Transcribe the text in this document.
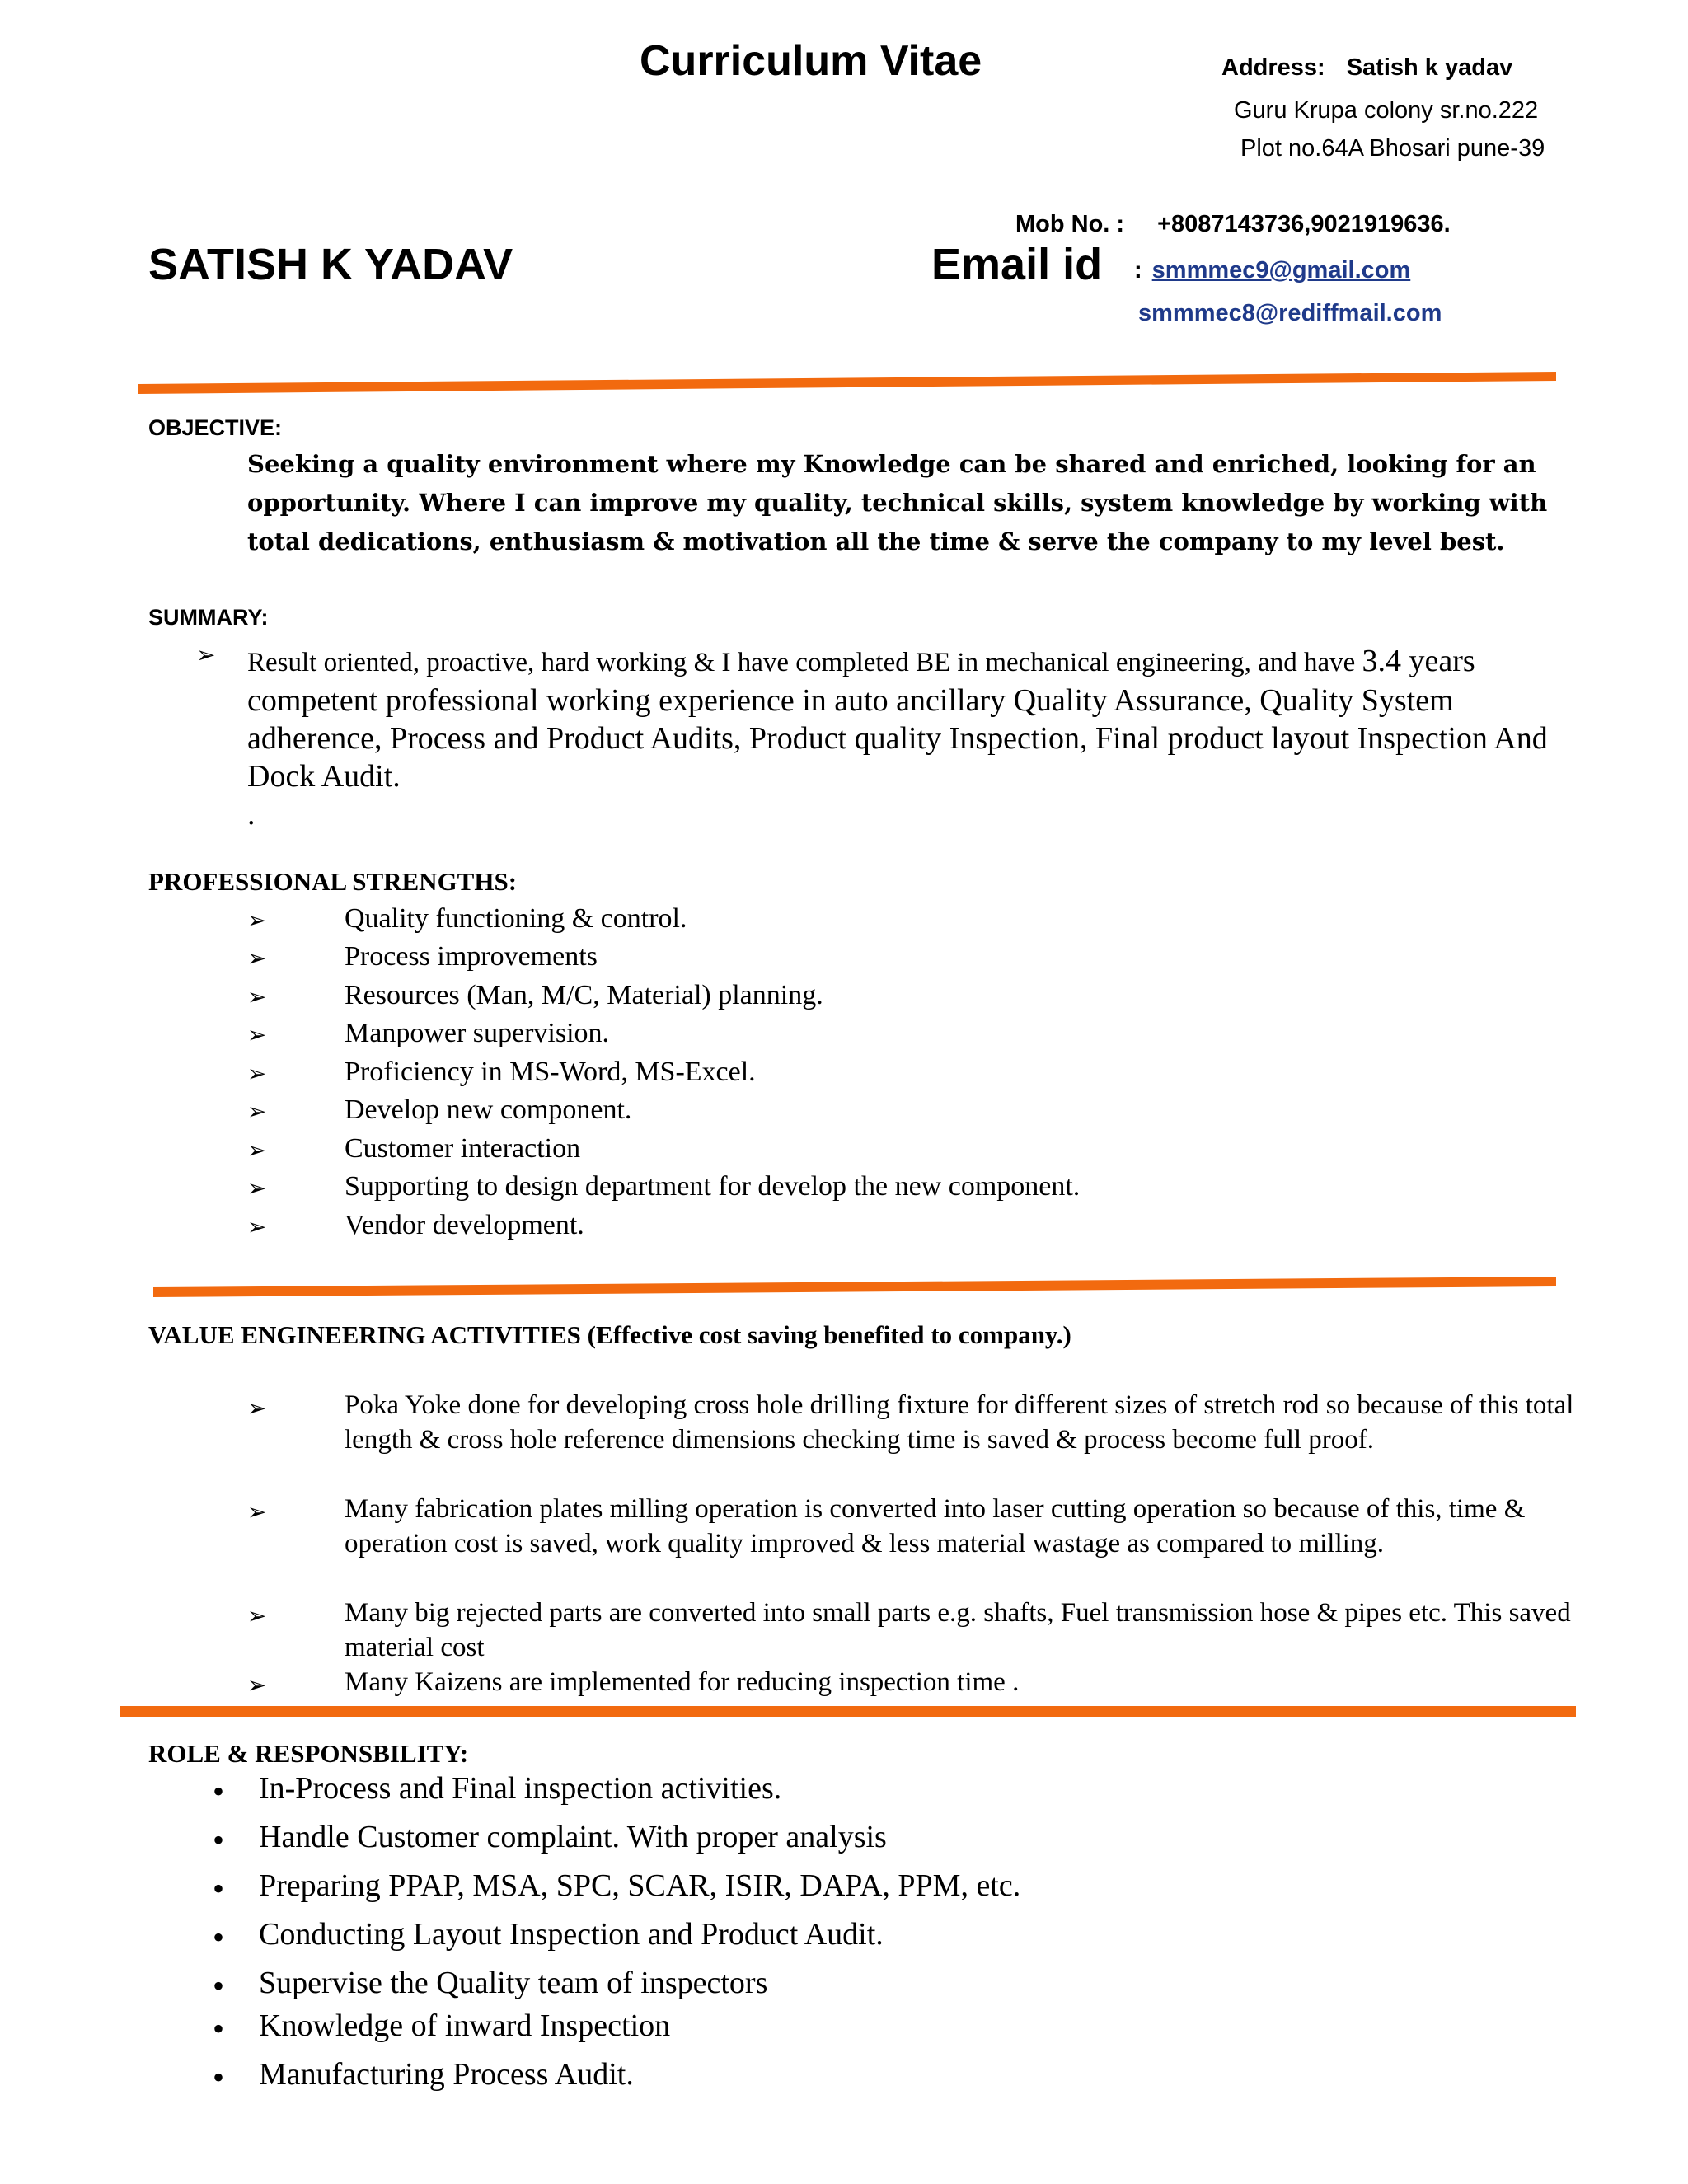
Curriculum Vitae	Address: Satish k yadav
Guru Krupa colony sr.no.222
Plot no.64A Bhosari pune-39
Mob No. : +8087143736,9021919636.
SATISH K YADAV	Email id : smmmec9@gmail.com
smmmec8@rediffmail.com
OBJECTIVE:
Seeking a quality environment where my Knowledge can be shared and enriched, looking for an opportunity. Where I can improve my quality, technical skills, system knowledge by working with total dedications, enthusiasm & motivation all the time & serve the company to my level best.
SUMMARY:
➢ Result oriented, proactive, hard working & I have completed BE in mechanical engineering, and have 3.4 years competent professional working experience in auto ancillary Quality Assurance, Quality System adherence, Process and Product Audits, Product quality Inspection, Final product layout Inspection And Dock Audit.
.
PROFESSIONAL STRENGTHS:
➢	Quality functioning & control.
➢	Process improvements
➢	Resources (Man, M/C, Material) planning.
➢	Manpower supervision.
➢	Proficiency in MS-Word, MS-Excel.
➢	Develop new component.
➢	Customer interaction
➢	Supporting to design department for develop the new component.
➢	Vendor development.
VALUE ENGINEERING ACTIVITIES (Effective cost saving benefited to company.)
➢	Poka Yoke done for developing cross hole drilling fixture for different sizes of stretch rod so because of this total length & cross hole reference dimensions checking time is saved & process become full proof.
➢	Many fabrication plates milling operation is converted into laser cutting operation so because of this, time & operation cost is saved, work quality improved & less material wastage as compared to milling.
➢	Many big rejected parts are converted into small parts e.g. shafts, Fuel transmission hose & pipes etc. This saved material cost
➢	Many Kaizens are implemented for reducing inspection time .
ROLE & RESPONSBILITY:
• In-Process and Final inspection activities.
• Handle Customer complaint. With proper analysis
• Preparing PPAP, MSA, SPC, SCAR, ISIR, DAPA, PPM, etc.
• Conducting Layout Inspection and Product Audit.
• Supervise the Quality team of inspectors
• Knowledge of inward Inspection
• Manufacturing Process Audit.
